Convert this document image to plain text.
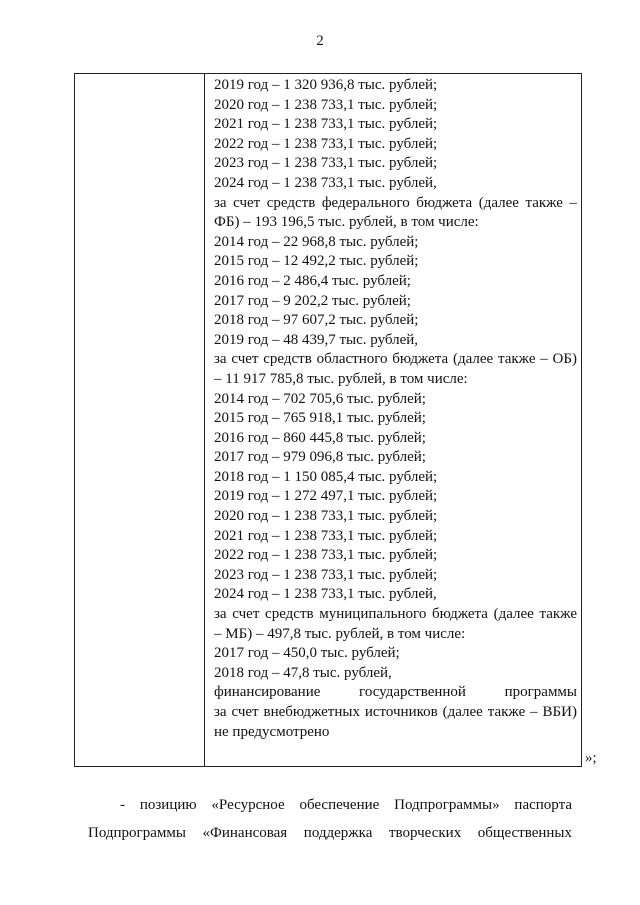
2
2019 год – 1 320 936,8 тыс. рублей;
2020 год – 1 238 733,1 тыс. рублей;
2021 год – 1 238 733,1 тыс. рублей;
2022 год – 1 238 733,1 тыс. рублей;
2023 год – 1 238 733,1 тыс. рублей;
2024 год – 1 238 733,1 тыс. рублей,
за счет средств федерального бюджета (далее также –
ФБ) – 193 196,5 тыс. рублей, в том числе:
2014 год – 22 968,8 тыс. рублей;
2015 год – 12 492,2 тыс. рублей;
2016 год – 2 486,4 тыс. рублей;
2017 год – 9 202,2 тыс. рублей;
2018 год – 97 607,2 тыс. рублей;
2019 год – 48 439,7 тыс. рублей,
за счет средств областного бюджета (далее также – ОБ)
– 11 917 785,8 тыс. рублей, в том числе:
2014 год – 702 705,6 тыс. рублей;
2015 год – 765 918,1 тыс. рублей;
2016 год – 860 445,8 тыс. рублей;
2017 год – 979 096,8 тыс. рублей;
2018 год – 1 150 085,4 тыс. рублей;
2019 год – 1 272 497,1 тыс. рублей;
2020 год – 1 238 733,1 тыс. рублей;
2021 год – 1 238 733,1 тыс. рублей;
2022 год – 1 238 733,1 тыс. рублей;
2023 год – 1 238 733,1 тыс. рублей;
2024 год – 1 238 733,1 тыс. рублей,
за счет средств муниципального бюджета (далее также
– МБ) – 497,8 тыс. рублей, в том числе:
2017 год – 450,0 тыс. рублей;
2018 год – 47,8 тыс. рублей,
финансирование государственной программы
за счет внебюджетных источников (далее также – ВБИ)
не предусмотрено
»;
- позицию «Ресурсное обеспечение Подпрограммы» паспорта
Подпрограммы «Финансовая поддержка творческих общественных
